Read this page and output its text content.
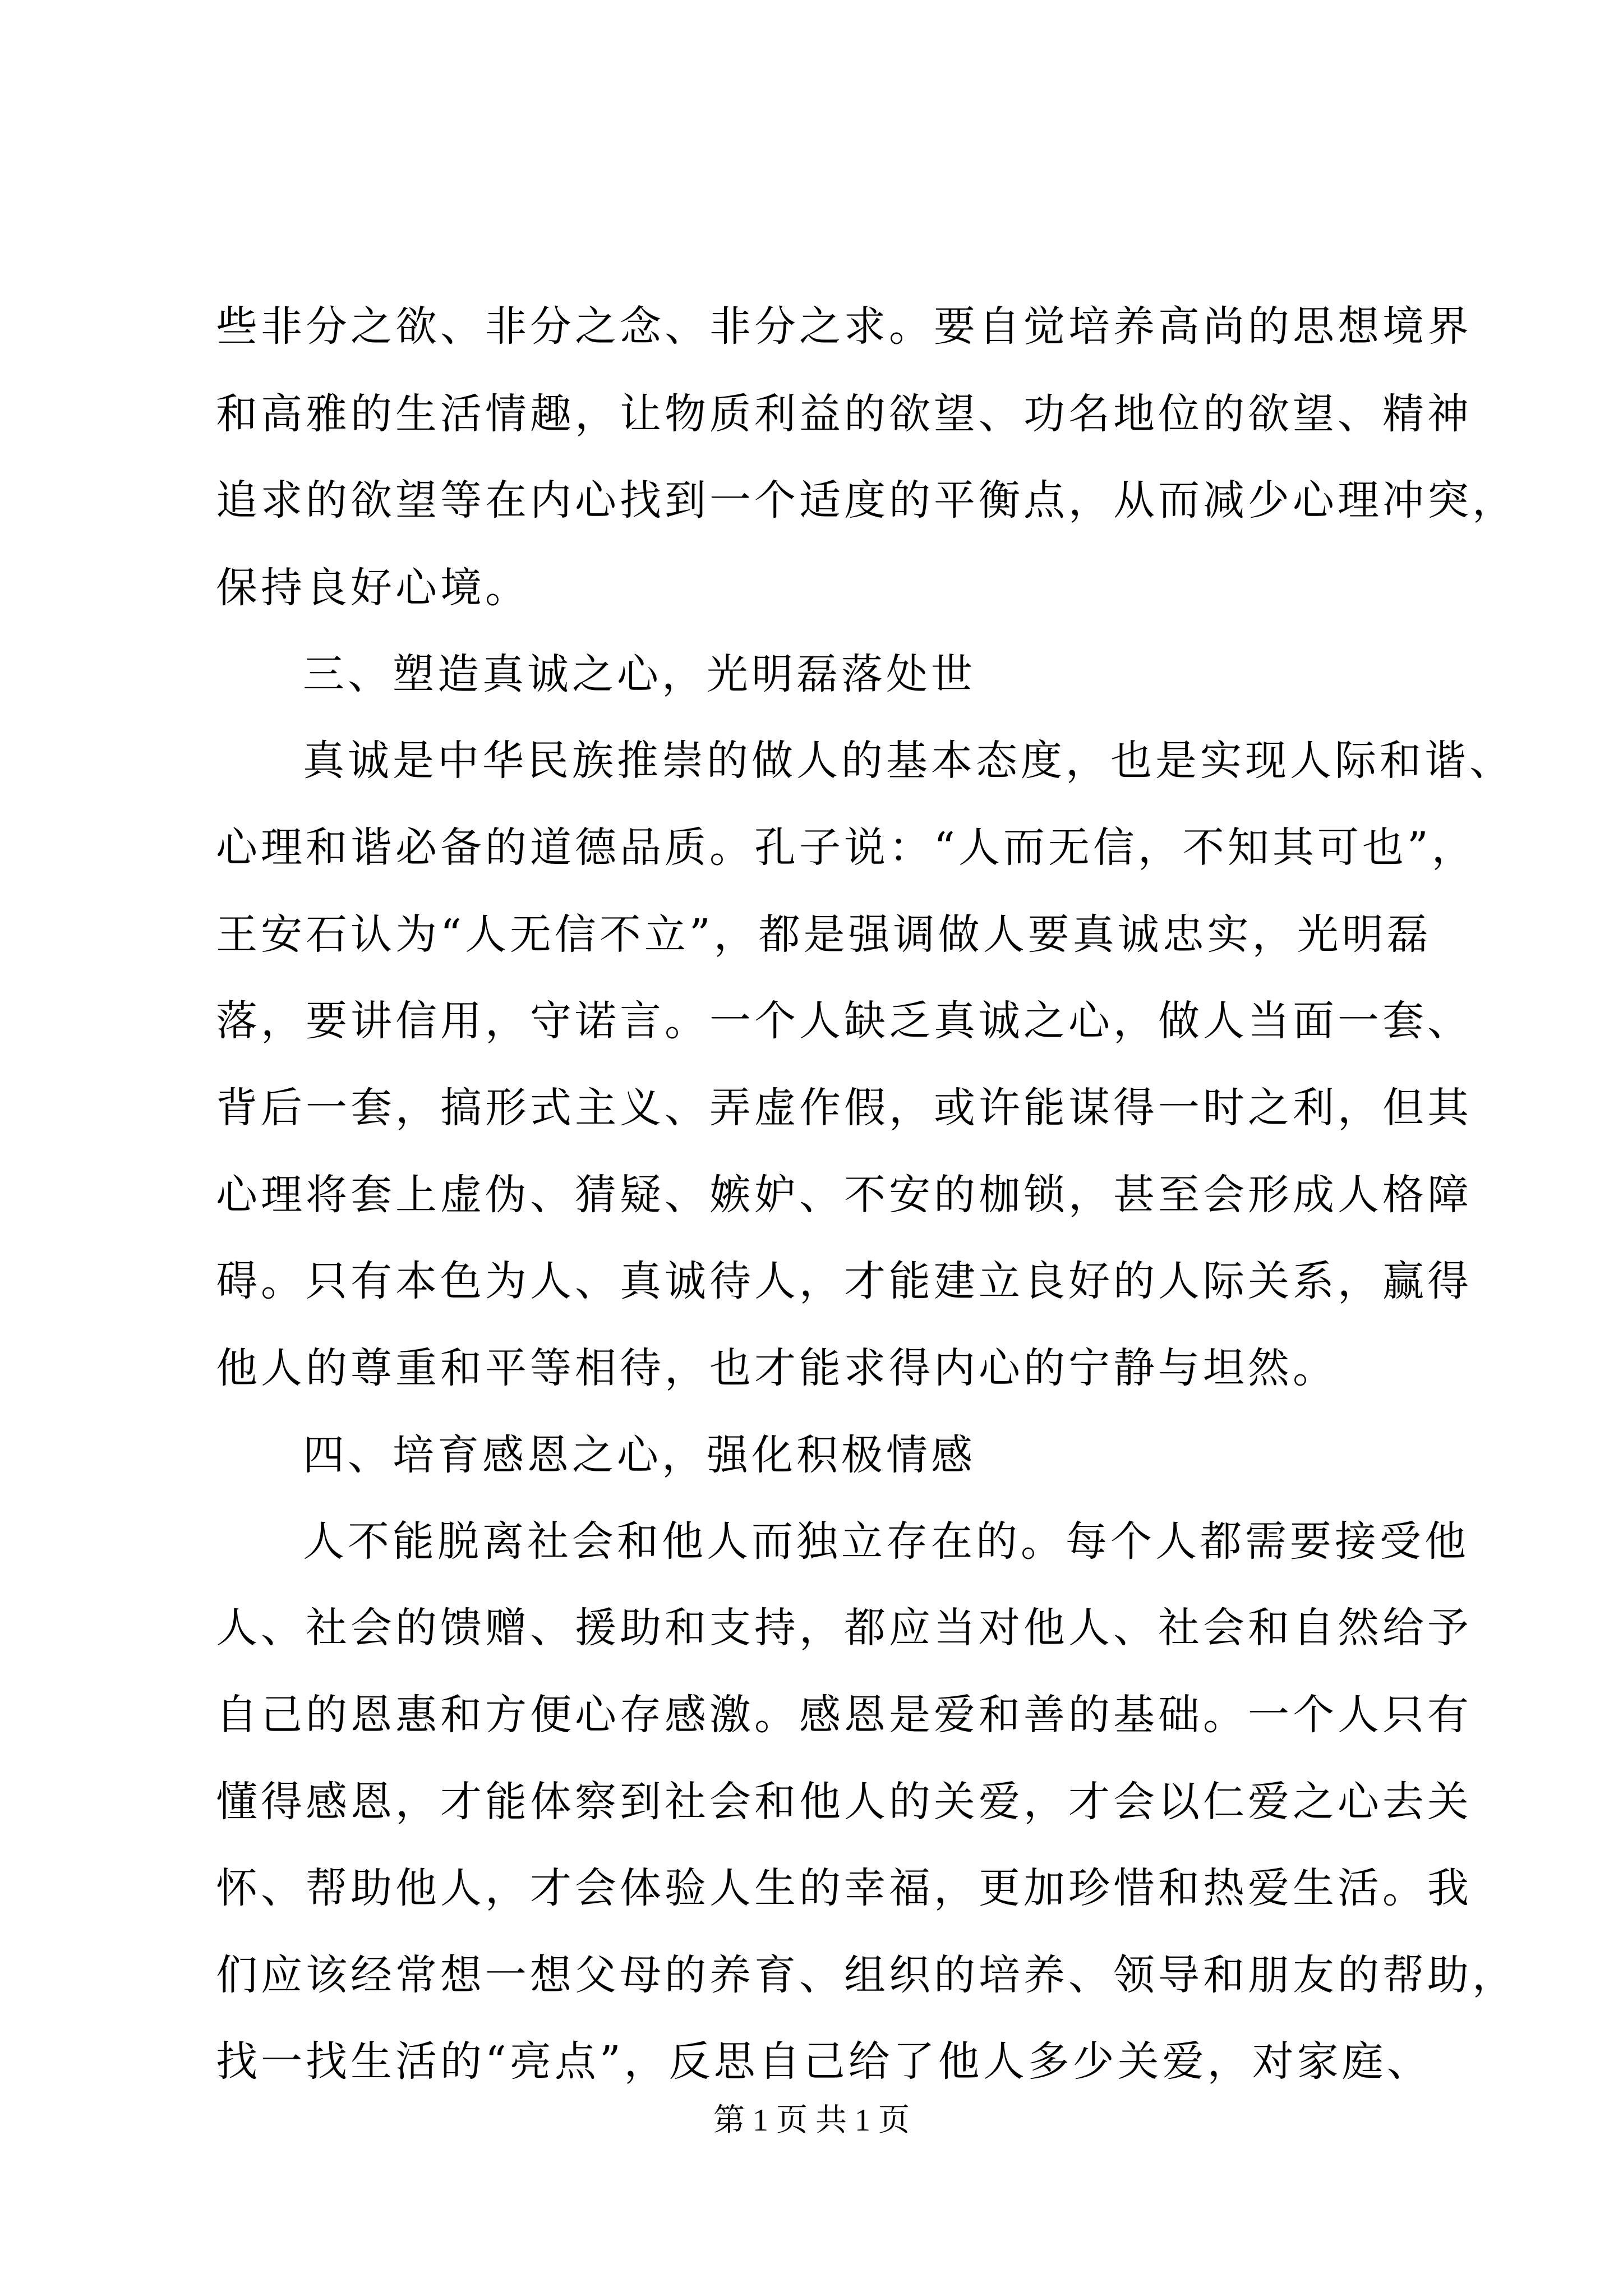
些非分之欲、非分之念、非分之求。要自觉培养高尚的思想境界
和高雅的生活情趣，让物质利益的欲望、功名地位的欲望、精神
追求的欲望等在内心找到一个适度的平衡点，从而减少心理冲突，
保持良好心境。
三、塑造真诚之心，光明磊落处世
真诚是中华民族推崇的做人的基本态度，也是实现人际和谐、
心理和谐必备的道德品质。孔子说：“人而无信，不知其可也”，
王安石认为“人无信不立”，都是强调做人要真诚忠实，光明磊
落，要讲信用，守诺言。一个人缺乏真诚之心，做人当面一套、
背后一套，搞形式主义、弄虚作假，或许能谋得一时之利，但其
心理将套上虚伪、猜疑、嫉妒、不安的枷锁，甚至会形成人格障
碍。只有本色为人、真诚待人，才能建立良好的人际关系，赢得
他人的尊重和平等相待，也才能求得内心的宁静与坦然。
四、培育感恩之心，强化积极情感
人不能脱离社会和他人而独立存在的。每个人都需要接受他
人、社会的馈赠、援助和支持，都应当对他人、社会和自然给予
自己的恩惠和方便心存感激。感恩是爱和善的基础。一个人只有
懂得感恩，才能体察到社会和他人的关爱，才会以仁爱之心去关
怀、帮助他人，才会体验人生的幸福，更加珍惜和热爱生活。我
们应该经常想一想父母的养育、组织的培养、领导和朋友的帮助，
找一找生活的“亮点”，反思自己给了他人多少关爱，对家庭、
第 1 页 共 1 页
